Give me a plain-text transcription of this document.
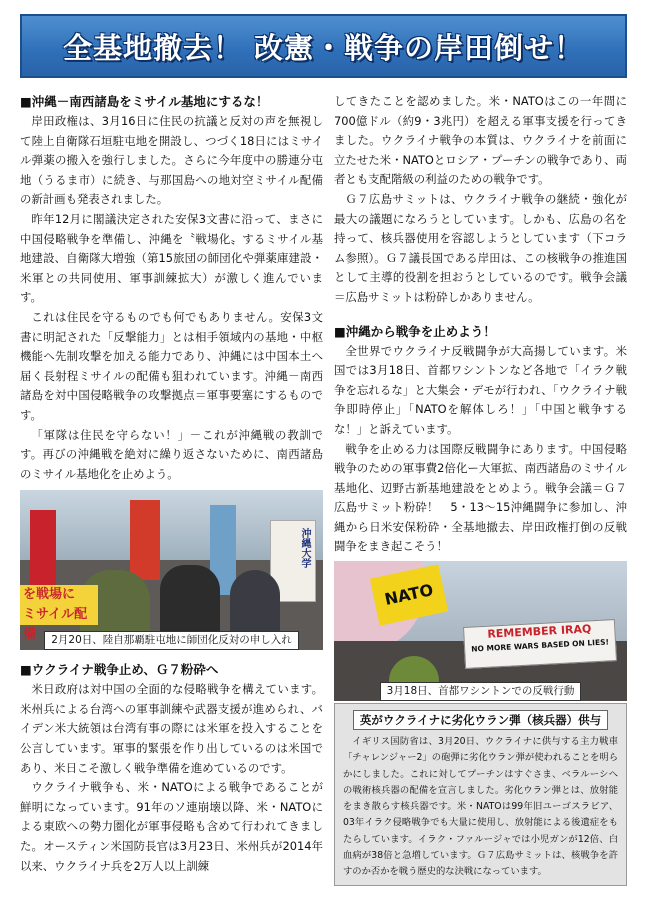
全基地撤去！ 改憲・戦争の岸田倒せ！
■沖縄－南西諸島をミサイル基地にするな！

岸田政権は、3月16日に住民の抗議と反対の声を無視して陸上自衛隊石垣駐屯地を開設し、つづく18日にはミサイル弾薬の搬入を強行しました。さらに今年度中の勝連分屯地（うるま市）に続き、与那国島への地対空ミサイル配備の新計画も発表されました。

昨年12月に閣議決定された安保3文書に沿って、まさに中国侵略戦争を準備し、沖縄を〝戦場化〟するミサイル基地建設、自衛隊大増強（第15旅団の師団化や弾薬庫建設・米軍との共同使用、軍事訓練拡大）が激しく進んでいます。

これは住民を守るものでも何でもありません。安保3文書に明記された「反撃能力」とは相手領域内の基地・中枢機能へ先制攻撃を加える能力であり、沖縄には中国本土へ届く長射程ミサイルの配備も狙われています。沖縄－南西諸島を対中国侵略戦争の攻撃拠点＝軍事要塞にするものです。

「軍隊は住民を守らない！」－これが沖縄戦の教訓です。再びの沖縄戦を絶対に繰り返さないために、南西諸島のミサイル基地化を止めよう。

を戦場に
ミサイル配備
沖縄大学
2月20日、陸自那覇駐屯地に師団化反対の申し入れ
■ウクライナ戦争止め、Ｇ７粉砕へ

米日政府は対中国の全面的な侵略戦争を構えています。米州兵による台湾への軍事訓練や武器支援が進められ、バイデン米大統領は台湾有事の際には米軍を投入することを公言しています。軍事的緊張を作り出しているのは米国であり、米日こそ激しく戦争準備を進めているのです。

ウクライナ戦争も、米・NATOによる戦争であることが鮮明になっています。91年のソ連崩壊以降、米・NATOによる東欧への勢力圏化が軍事侵略も含めて行われてきました。オースティン米国防長官は3月23日、米州兵が2014年以来、ウクライナ兵を2万人以上訓練

してきたことを認めました。米・NATOはこの一年間に700億ドル（約9・3兆円）を超える軍事支援を行ってきました。ウクライナ戦争の本質は、ウクライナを前面に立たせた米・NATOとロシア・プーチンの戦争であり、両者とも支配階級の利益のための戦争です。

Ｇ７広島サミットは、ウクライナ戦争の継続・強化が最大の議題になろうとしています。しかも、広島の名を持って、核兵器使用を容認しようとしています（下コラム参照）。Ｇ７議長国である岸田は、この核戦争の推進国として主導的役割を担おうとしているのです。戦争会議＝広島サミットは粉砕しかありません。

■沖縄から戦争を止めよう！

全世界でウクライナ反戦闘争が大高揚しています。米国では3月18日、首都ワシントンなど各地で「イラク戦争を忘れるな」と大集会・デモが行われ、「ウクライナ戦争即時停止」「NATOを解体しろ！」「中国と戦争するな！」と訴えています。

戦争を止める力は国際反戦闘争にあります。中国侵略戦争のための軍事費2倍化ー大軍拡、南西諸島のミサイル基地化、辺野古新基地建設をとめよう。戦争会議＝Ｇ７広島サミット粉砕！　5・13～15沖縄闘争に参加し、沖縄から日米安保粉砕・全基地撤去、岸田政権打倒の反戦闘争をまき起こそう！

NATO
REMEMBER IRAQ
NO MORE WARS BASED ON LIES!
3月18日、首都ワシントンでの反戦行動
英がウクライナに劣化ウラン弾（核兵器）供与

イギリス国防省は、3月20日、ウクライナに供与する主力戦車「チャレンジャー2」の砲弾に劣化ウラン弾が使われることを明らかにしました。これに対してプーチンはすぐさま、ベラルーシへの戦術核兵器の配備を宣言しました。劣化ウラン弾とは、放射能をまき散らす核兵器です。米・NATOは99年旧ユーゴスラビア、03年イラク侵略戦争でも大量に使用し、放射能による後遺症をもたらしています。イラク・ファルージャでは小児ガンが12倍、白血病が38倍と急増しています。Ｇ７広島サミットは、核戦争を許すのか否かを戦う歴史的な決戦になっています。
